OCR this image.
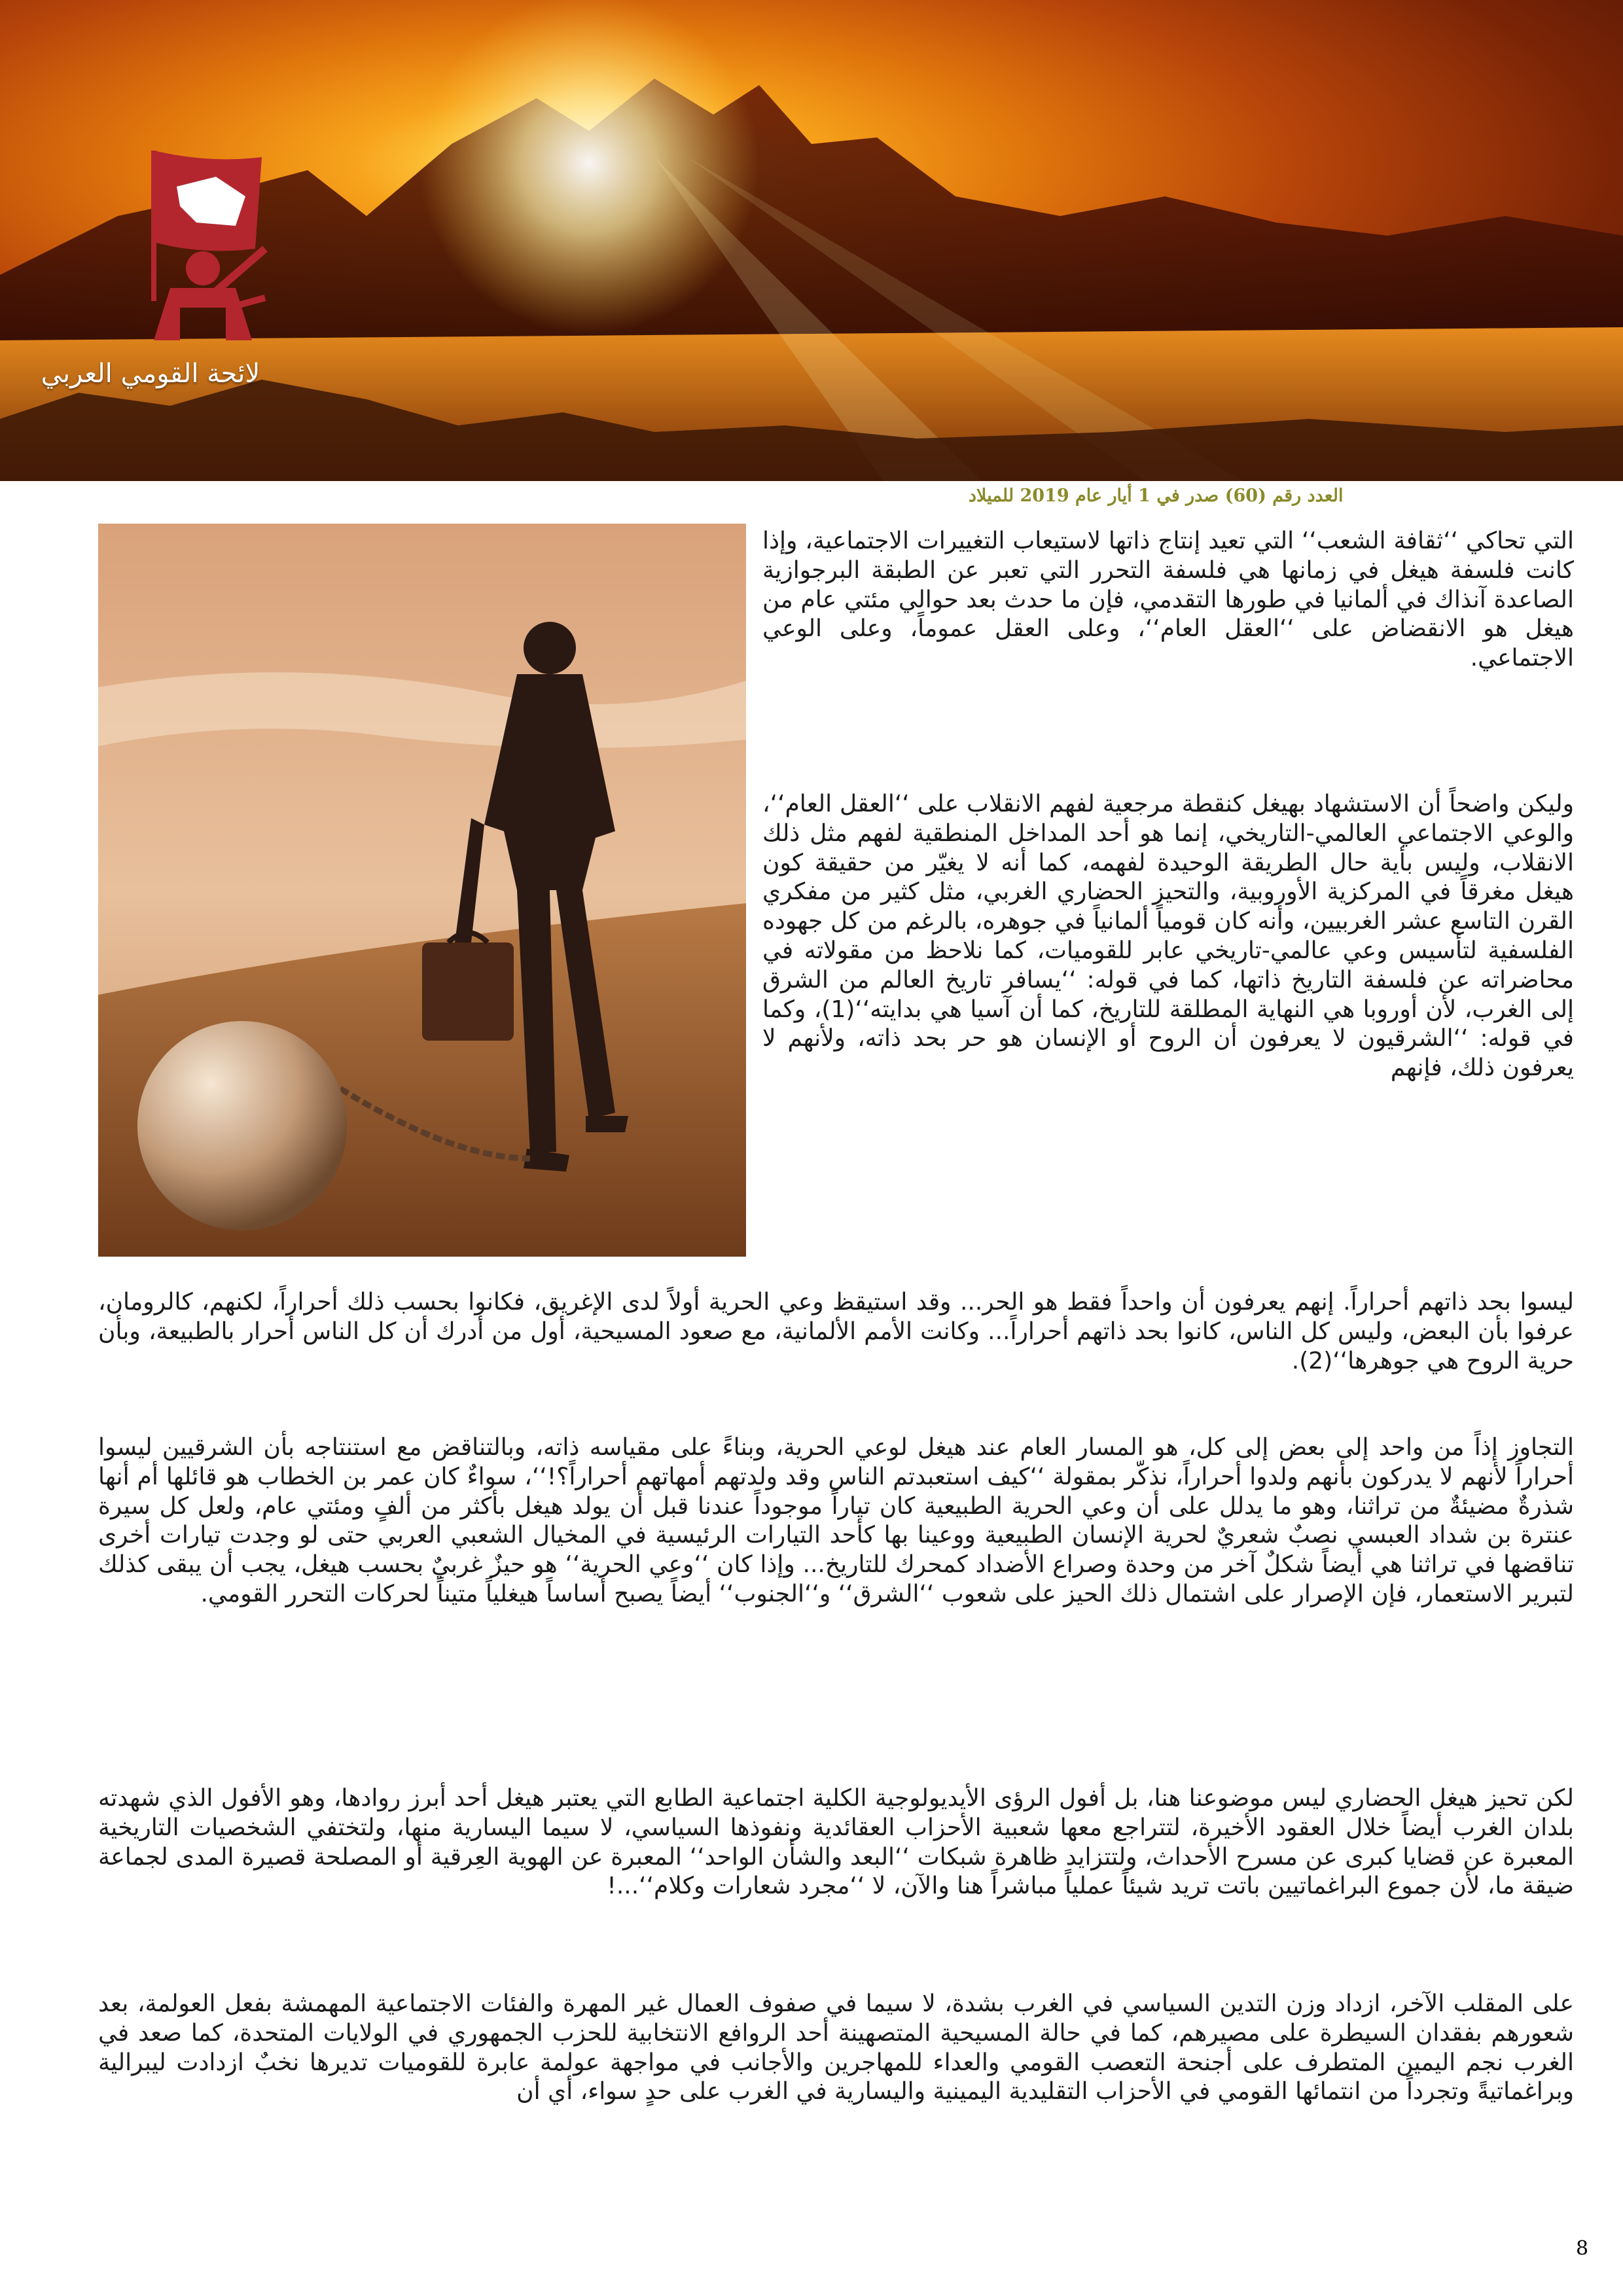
لائحة القومي العربي
العدد رقم (60) صدر في 1 أيار عام 2019 للميلاد

التي تحاكي ‘‘ثقافة الشعب‘‘ التي تعيد إنتاج ذاتها لاستيعاب التغييرات الاجتماعية، وإذا كانت فلسفة هيغل في زمانها هي فلسفة التحرر التي تعبر عن الطبقة البرجوازية الصاعدة آنذاك في ألمانيا في طورها التقدمي، فإن ما حدث بعد حوالي مئتي عام من هيغل هو الانقضاض على ‘‘العقل العام‘‘، وعلى العقل عموماً، وعلى الوعي الاجتماعي.

وليكن واضحاً أن الاستشهاد بهيغل كنقطة مرجعية لفهم الانقلاب على ‘‘العقل العام‘‘، والوعي الاجتماعي العالمي-التاريخي، إنما هو أحد المداخل المنطقية لفهم مثل ذلك الانقلاب، وليس بأية حال الطريقة الوحيدة لفهمه، كما أنه لا يغيّر من حقيقة كون هيغل مغرقاً في المركزية الأوروبية، والتحيز الحضاري الغربي، مثل كثير من مفكري القرن التاسع عشر الغربيين، وأنه كان قومياً ألمانياً في جوهره، بالرغم من كل جهوده الفلسفية لتأسيس وعي عالمي-تاريخي عابر للقوميات، كما نلاحظ من مقولاته في محاضراته عن فلسفة التاريخ ذاتها، كما في قوله: ‘‘يسافر تاريخ العالم من الشرق إلى الغرب، لأن أوروبا هي النهاية المطلقة للتاريخ، كما أن آسيا هي بدايته‘‘(1)، وكما في قوله: ‘‘الشرقيون لا يعرفون أن الروح أو الإنسان هو حر بحد ذاته، ولأنهم لا يعرفون ذلك، فإنهم

ليسوا بحد ذاتهم أحراراً. إنهم يعرفون أن واحداً فقط هو الحر... وقد استيقظ وعي الحرية أولاً لدى الإغريق، فكانوا بحسب ذلك أحراراً، لكنهم، كالرومان، عرفوا بأن البعض، وليس كل الناس، كانوا بحد ذاتهم أحراراً... وكانت الأمم الألمانية، مع صعود المسيحية، أول من أدرك أن كل الناس أحرار بالطبيعة، وبأن حرية الروح هي جوهرها‘‘(2).

التجاوز إذاً من واحد إلى بعض إلى كل، هو المسار العام عند هيغل لوعي الحرية، وبناءً على مقياسه ذاته، وبالتناقض مع استنتاجه بأن الشرقيين ليسوا أحراراً لأنهم لا يدركون بأنهم ولدوا أحراراً، نذكّر بمقولة ‘‘كيف استعبدتم الناس وقد ولدتهم أمهاتهم أحراراً؟!‘‘، سواءٌ كان عمر بن الخطاب هو قائلها أم أنها شذرةٌ مضيئةٌ من تراثنا، وهو ما يدلل على أن وعي الحرية الطبيعية كان تياراً موجوداً عندنا قبل أن يولد هيغل بأكثر من ألفٍ ومئتي عام، ولعل كل سيرة عنترة بن شداد العبسي نصبٌ شعريٌ لحرية الإنسان الطبيعية ووعينا بها كأحد التيارات الرئيسية في المخيال الشعبي العربي حتى لو وجدت تيارات أخرى تناقضها في تراثنا هي أيضاً شكلٌ آخر من وحدة وصراع الأضداد كمحرك للتاريخ... وإذا كان ‘‘وعي الحرية‘‘ هو حيزٌ غربيٌ بحسب هيغل، يجب أن يبقى كذلك لتبرير الاستعمار، فإن الإصرار على اشتمال ذلك الحيز على شعوب ‘‘الشرق‘‘ و‘‘الجنوب‘‘ أيضاً يصبح أساساً هيغلياً متيناً لحركات التحرر القومي.

لكن تحيز هيغل الحضاري ليس موضوعنا هنا، بل أفول الرؤى الأيديولوجية الكلية اجتماعية الطابع التي يعتبر هيغل أحد أبرز روادها، وهو الأفول الذي شهدته بلدان الغرب أيضاً خلال العقود الأخيرة، لتتراجع معها شعبية الأحزاب العقائدية ونفوذها السياسي، لا سيما اليسارية منها، ولتختفي الشخصيات التاريخية المعبرة عن قضايا كبرى عن مسرح الأحداث، ولتتزايد ظاهرة شبكات ‘‘البعد والشأن الواحد‘‘ المعبرة عن الهوية العِرقية أو المصلحة قصيرة المدى لجماعة ضيقة ما، لأن جموع البراغماتيين باتت تريد شيئاً عملياً مباشراً هنا والآن، لا ‘‘مجرد شعارات وكلام‘‘...!

على المقلب الآخر، ازداد وزن التدين السياسي في الغرب بشدة، لا سيما في صفوف العمال غير المهرة والفئات الاجتماعية المهمشة بفعل العولمة، بعد شعورهم بفقدان السيطرة على مصيرهم، كما في حالة المسيحية المتصهينة أحد الروافع الانتخابية للحزب الجمهوري في الولايات المتحدة، كما صعد في الغرب نجم اليمين المتطرف على أجنحة التعصب القومي والعداء للمهاجرين والأجانب في مواجهة عولمة عابرة للقوميات تديرها نخبٌ ازدادت ليبرالية وبراغماتيةً وتجرداً من انتمائها القومي في الأحزاب التقليدية اليمينية واليسارية في الغرب على حدٍ سواء، أي أن

8
